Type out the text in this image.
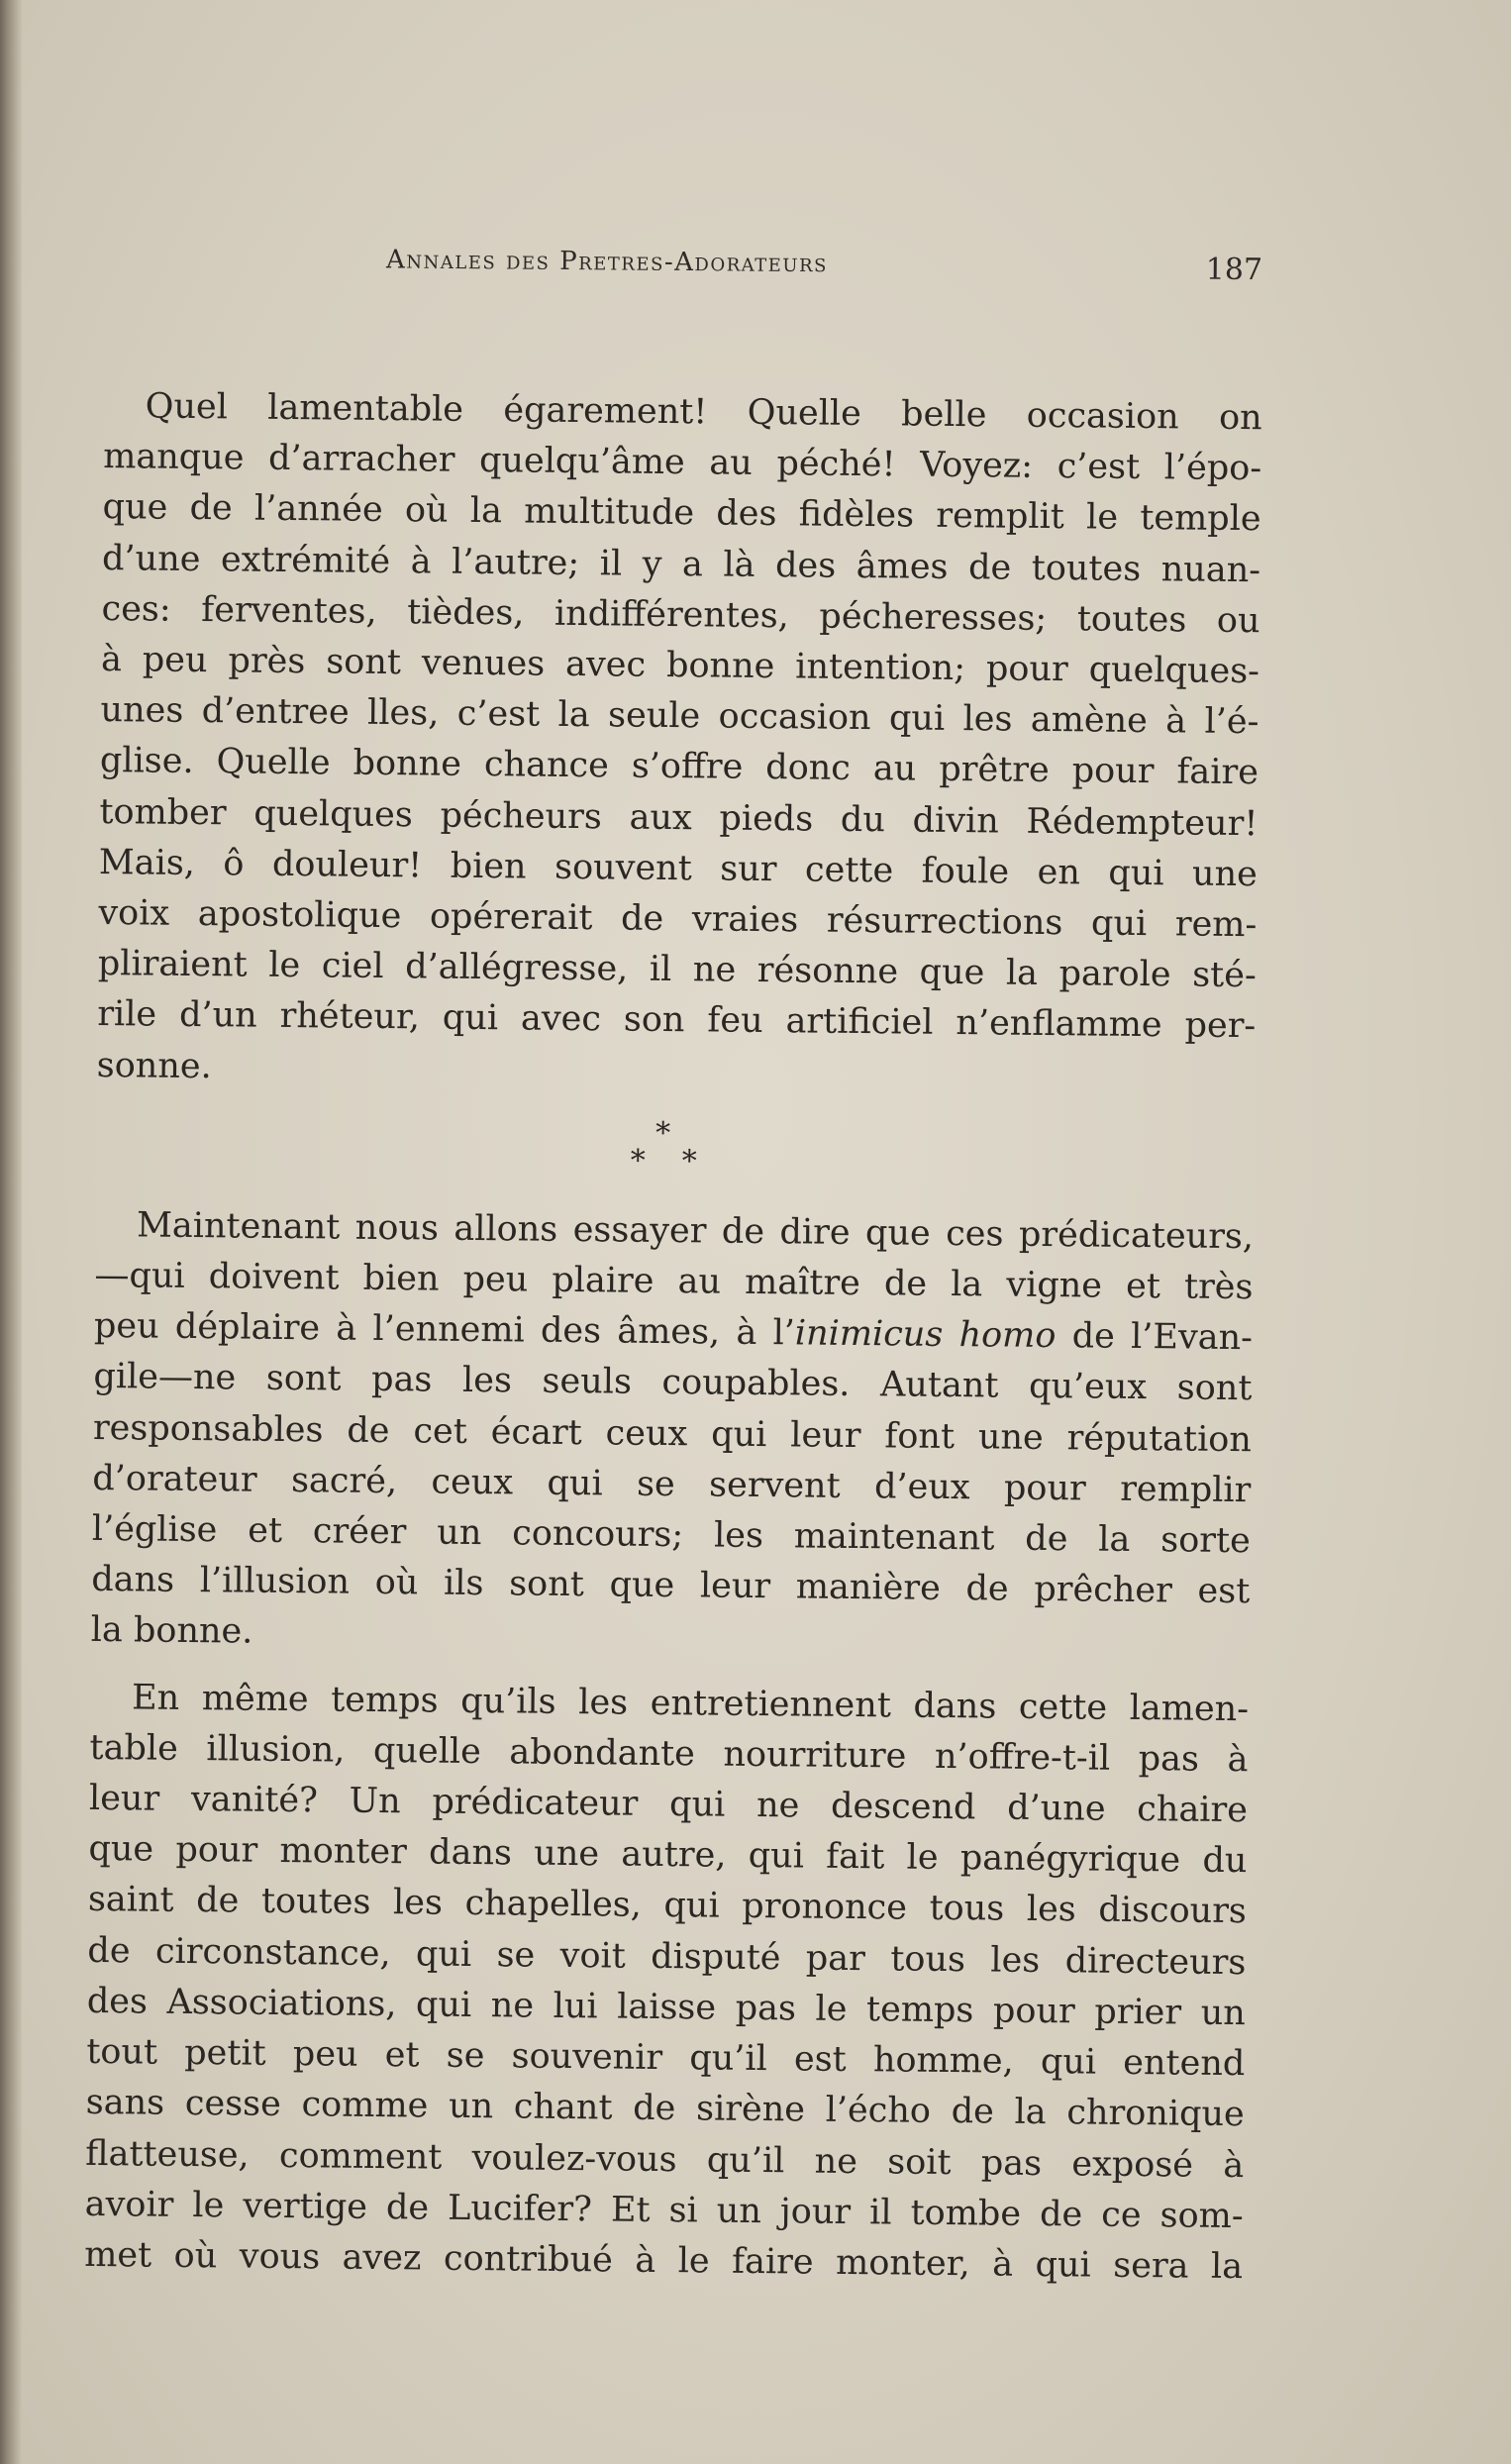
Annales des Pretres-Adorateurs	187
Quel lamentable égarement! Quelle belle occasion on
manque d’arracher quelqu’âme au péché! Voyez: c’est l’épo-
que de l’année où la multitude des fidèles remplit le temple
d’une extrémité à l’autre; il y a là des âmes de toutes nuan-
ces: ferventes, tièdes, indifférentes, pécheresses; toutes ou
à peu près sont venues avec bonne intention; pour quelques-
unes d’entree lles, c’est la seule occasion qui les amène à l’é-
glise. Quelle bonne chance s’offre donc au prêtre pour faire
tomber quelques pécheurs aux pieds du divin Rédempteur!
Mais, ô douleur! bien souvent sur cette foule en qui une
voix apostolique opérerait de vraies résurrections qui rem-
pliraient le ciel d’allégresse, il ne résonne que la parole sté-
rile d’un rhéteur, qui avec son feu artificiel n’enflamme per-
sonne.
*
* *
Maintenant nous allons essayer de dire que ces prédicateurs,
—qui doivent bien peu plaire au maître de la vigne et très
peu déplaire à l’ennemi des âmes, à l’inimicus homo de l’Evan-
gile—ne sont pas les seuls coupables. Autant qu’eux sont
responsables de cet écart ceux qui leur font une réputation
d’orateur sacré, ceux qui se servent d’eux pour remplir
l’église et créer un concours; les maintenant de la sorte
dans l’illusion où ils sont que leur manière de prêcher est
la bonne.
En même temps qu’ils les entretiennent dans cette lamen-
table illusion, quelle abondante nourriture n’offre-t-il pas à
leur vanité? Un prédicateur qui ne descend d’une chaire
que pour monter dans une autre, qui fait le panégyrique du
saint de toutes les chapelles, qui prononce tous les discours
de circonstance, qui se voit disputé par tous les directeurs
des Associations, qui ne lui laisse pas le temps pour prier un
tout petit peu et se souvenir qu’il est homme, qui entend
sans cesse comme un chant de sirène l’écho de la chronique
flatteuse, comment voulez-vous qu’il ne soit pas exposé à
avoir le vertige de Lucifer? Et si un jour il tombe de ce som-
met où vous avez contribué à le faire monter, à qui sera la
